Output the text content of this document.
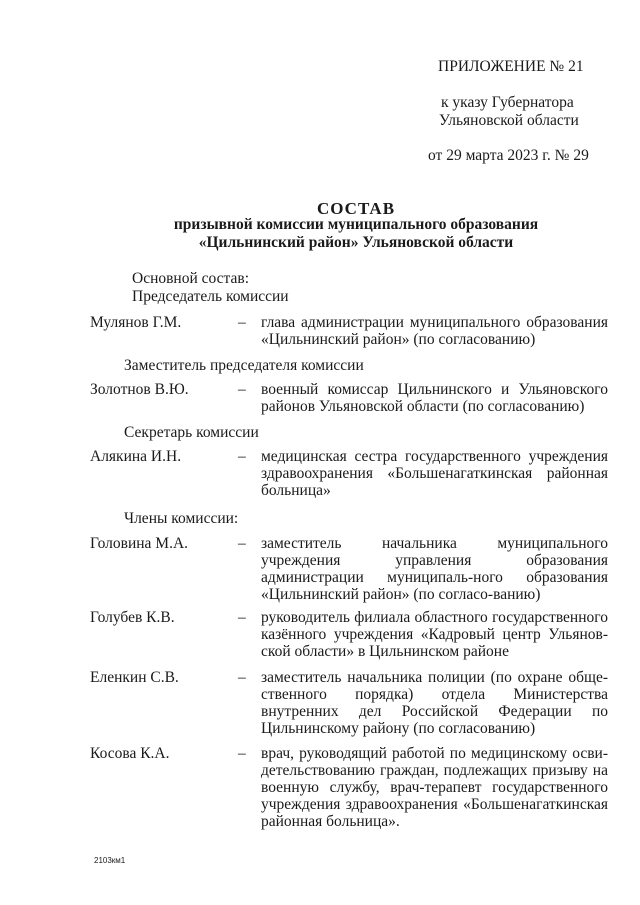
ПРИЛОЖЕНИЕ № 21
к указу Губернатора
Ульяновской области
от 29 марта 2023 г. № 29
СОСТАВ
призывной комиссии муниципального образования
«Цильнинский район» Ульяновской области
Основной состав:
Председатель комиссии
Мулянов Г.М.	– глава администрации муниципального образования «Цильнинский район» (по согласованию)
Заместитель председателя комиссии
Золотнов В.Ю.	– военный комиссар Цильнинского и Ульяновского районов Ульяновской области (по согласованию)
Секретарь комиссии
Алякина И.Н.	– медицинская сестра государственного учреждения здравоохранения «Большенагаткинская районная больница»
Члены комиссии:
Головина М.А.	– заместитель начальника муниципального учреждения управления образования администрации муниципаль-ного образования «Цильнинский район» (по согласо-ванию)
Голубев К.В.	– руководитель филиала областного государственного казённого учреждения «Кадровый центр Ульянов-ской области» в Цильнинском районе
Еленкин С.В.	– заместитель начальника полиции (по охране обще-ственного порядка) отдела Министерства внутренних дел Российской Федерации по Цильнинскому району (по согласованию)
Косова К.А.	– врач, руководящий работой по медицинскому осви-детельствованию граждан, подлежащих призыву на военную службу, врач-терапевт государственного учреждения здравоохранения «Большенагаткинская районная больница».
2103км1
